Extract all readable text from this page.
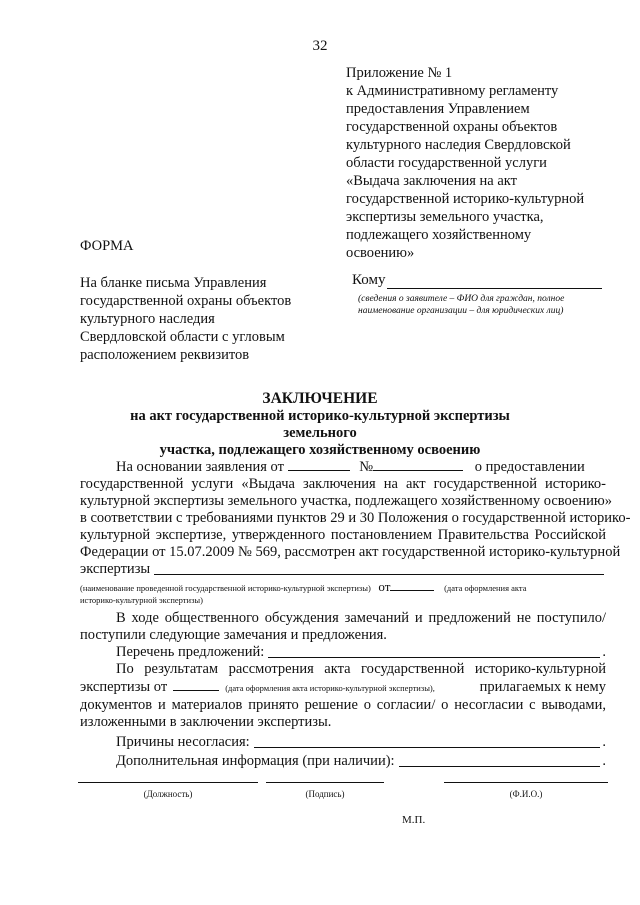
32
Приложение № 1
к Административному регламенту
предоставления Управлением
государственной охраны объектов
культурного наследия Свердловской
области государственной услуги
«Выдача заключения на акт
государственной историко-культурной
экспертизы земельного участка,
подлежащего хозяйственному
освоению»
ФОРМА
На бланке письма Управления
государственной охраны объектов
культурного наследия
Свердловской области с угловым
расположением реквизитов
Кому
(сведения о заявителе – ФИО для граждан, полное
наименование организации – для юридических лиц)
ЗАКЛЮЧЕНИЕ
на акт государственной историко-культурной экспертизы земельного
участка, подлежащего хозяйственному освоению
На основании заявления от	№	о предоставлении
государственной услуги «Выдача заключения на акт государственной историко-
культурной экспертизы земельного участка, подлежащего хозяйственному освоению»
в соответствии с требованиями пунктов 29 и 30 Положения о государственной историко-
культурной экспертизе, утвержденного постановлением Правительства Российской
Федерации от 15.07.2009 № 569, рассмотрен акт государственной историко-культурной
экспертизы
(наименование проведенной государственной историко-культурной экспертизы) от	(дата оформления акта
историко-культурной экспертизы)
В ходе общественного обсуждения замечаний и предложений не поступило/
поступили следующие замечания и предложения.
Перечень предложений:	.
По результатам рассмотрения акта государственной историко-культурной
экспертизы от	(дата оформления акта историко-культурной экспертизы),	прилагаемых к нему
документов и материалов принято решение о согласии/ о несогласии с выводами,
изложенными в заключении экспертизы.
Причины несогласия:	.
Дополнительная информация (при наличии):	.
(Должность)	(Подпись)	(Ф.И.О.)
М.П.
